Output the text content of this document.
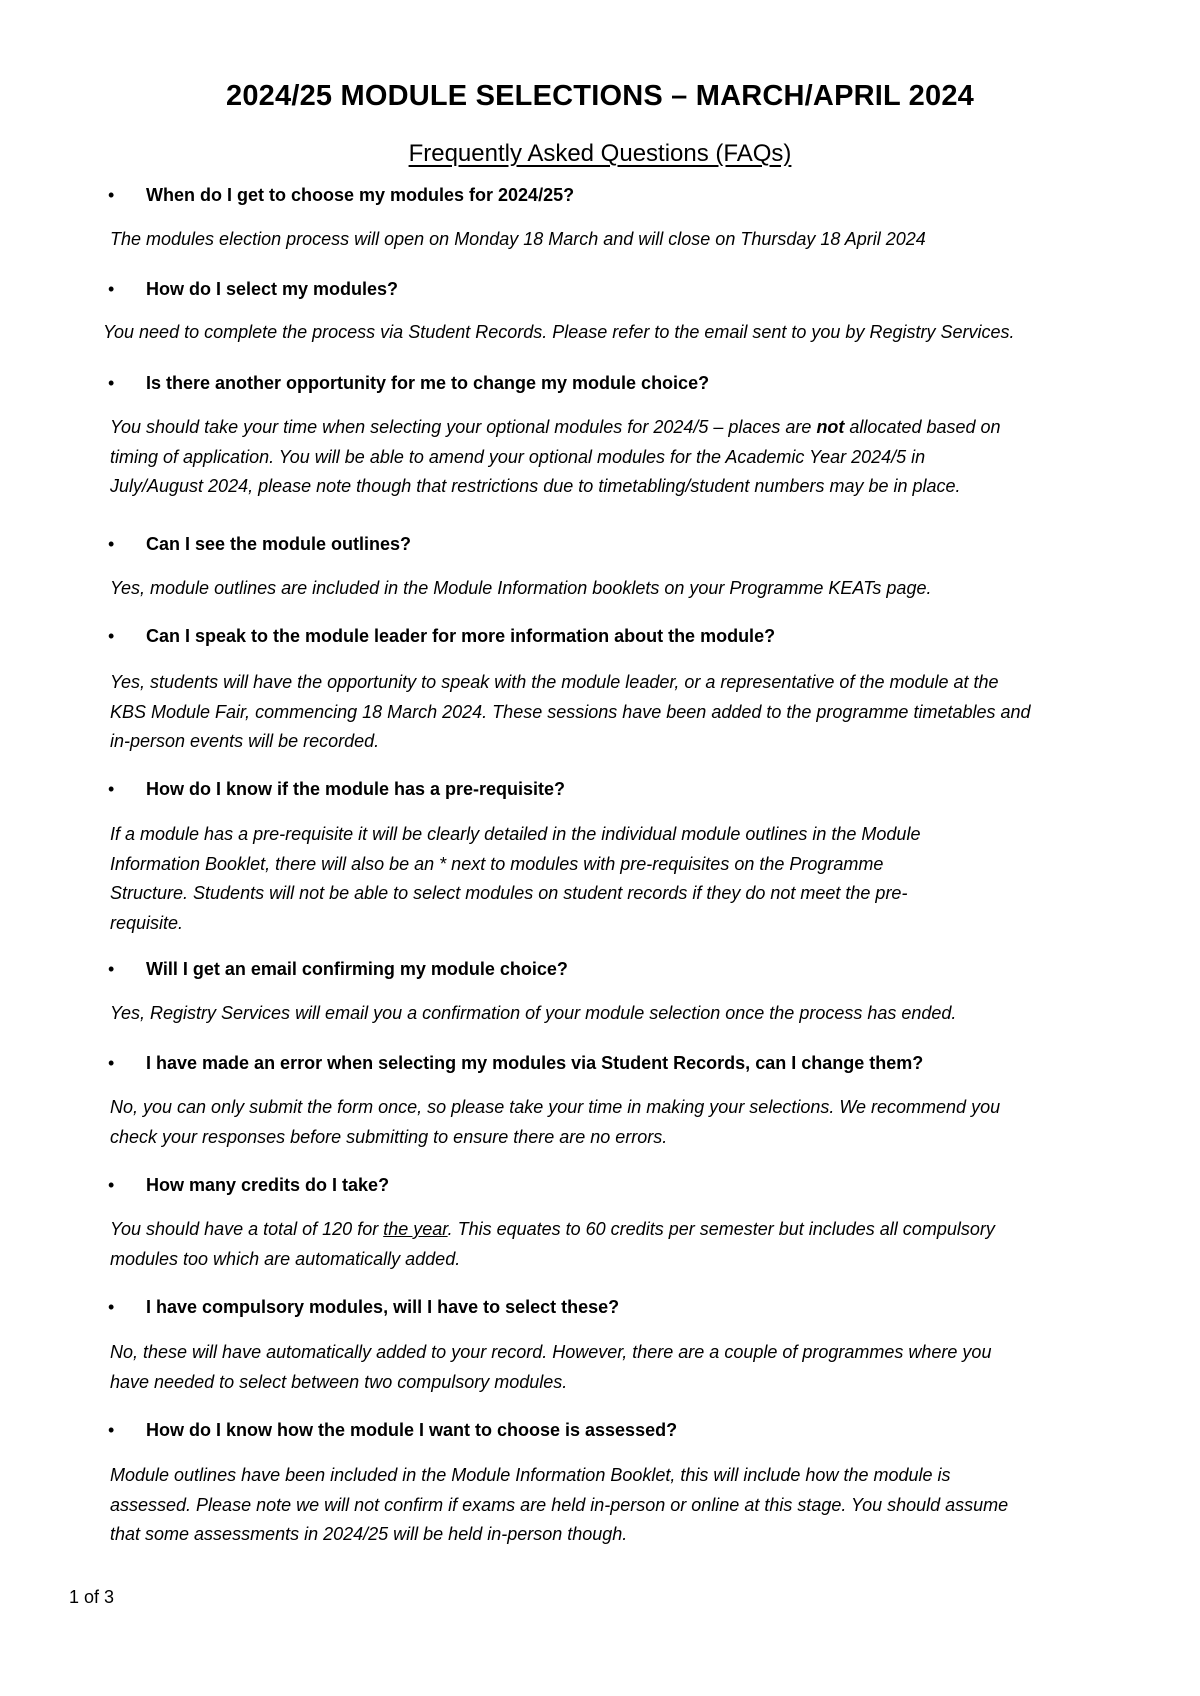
2024/25 MODULE SELECTIONS – MARCH/APRIL 2024
Frequently Asked Questions (FAQs)
• When do I get to choose my modules for 2024/25?
The modules election process will open on Monday 18 March and will close on Thursday 18 April 2024
• How do I select my modules?
You need to complete the process via Student Records. Please refer to the email sent to you by Registry Services.
• Is there another opportunity for me to change my module choice?
You should take your time when selecting your optional modules for 2024/5 – places are not allocated based on
timing of application. You will be able to amend your optional modules for the Academic Year 2024/5 in
July/August 2024, please note though that restrictions due to timetabling/student numbers may be in place.
• Can I see the module outlines?
Yes, module outlines are included in the Module Information booklets on your Programme KEATs page.
• Can I speak to the module leader for more information about the module?
Yes, students will have the opportunity to speak with the module leader, or a representative of the module at the
KBS Module Fair, commencing 18 March 2024. These sessions have been added to the programme timetables and
in-person events will be recorded.
• How do I know if the module has a pre-requisite?
If a module has a pre-requisite it will be clearly detailed in the individual module outlines in the Module
Information Booklet, there will also be an * next to modules with pre-requisites on the Programme
Structure. Students will not be able to select modules on student records if they do not meet the pre-
requisite.
• Will I get an email confirming my module choice?
Yes, Registry Services will email you a confirmation of your module selection once the process has ended.
• I have made an error when selecting my modules via Student Records, can I change them?
No, you can only submit the form once, so please take your time in making your selections. We recommend you
check your responses before submitting to ensure there are no errors.
• How many credits do I take?
You should have a total of 120 for the year. This equates to 60 credits per semester but includes all compulsory
modules too which are automatically added.
• I have compulsory modules, will I have to select these?
No, these will have automatically added to your record. However, there are a couple of programmes where you
have needed to select between two compulsory modules.
• How do I know how the module I want to choose is assessed?
Module outlines have been included in the Module Information Booklet, this will include how the module is
assessed. Please note we will not confirm if exams are held in-person or online at this stage. You should assume
that some assessments in 2024/25 will be held in-person though.
1 of 3
